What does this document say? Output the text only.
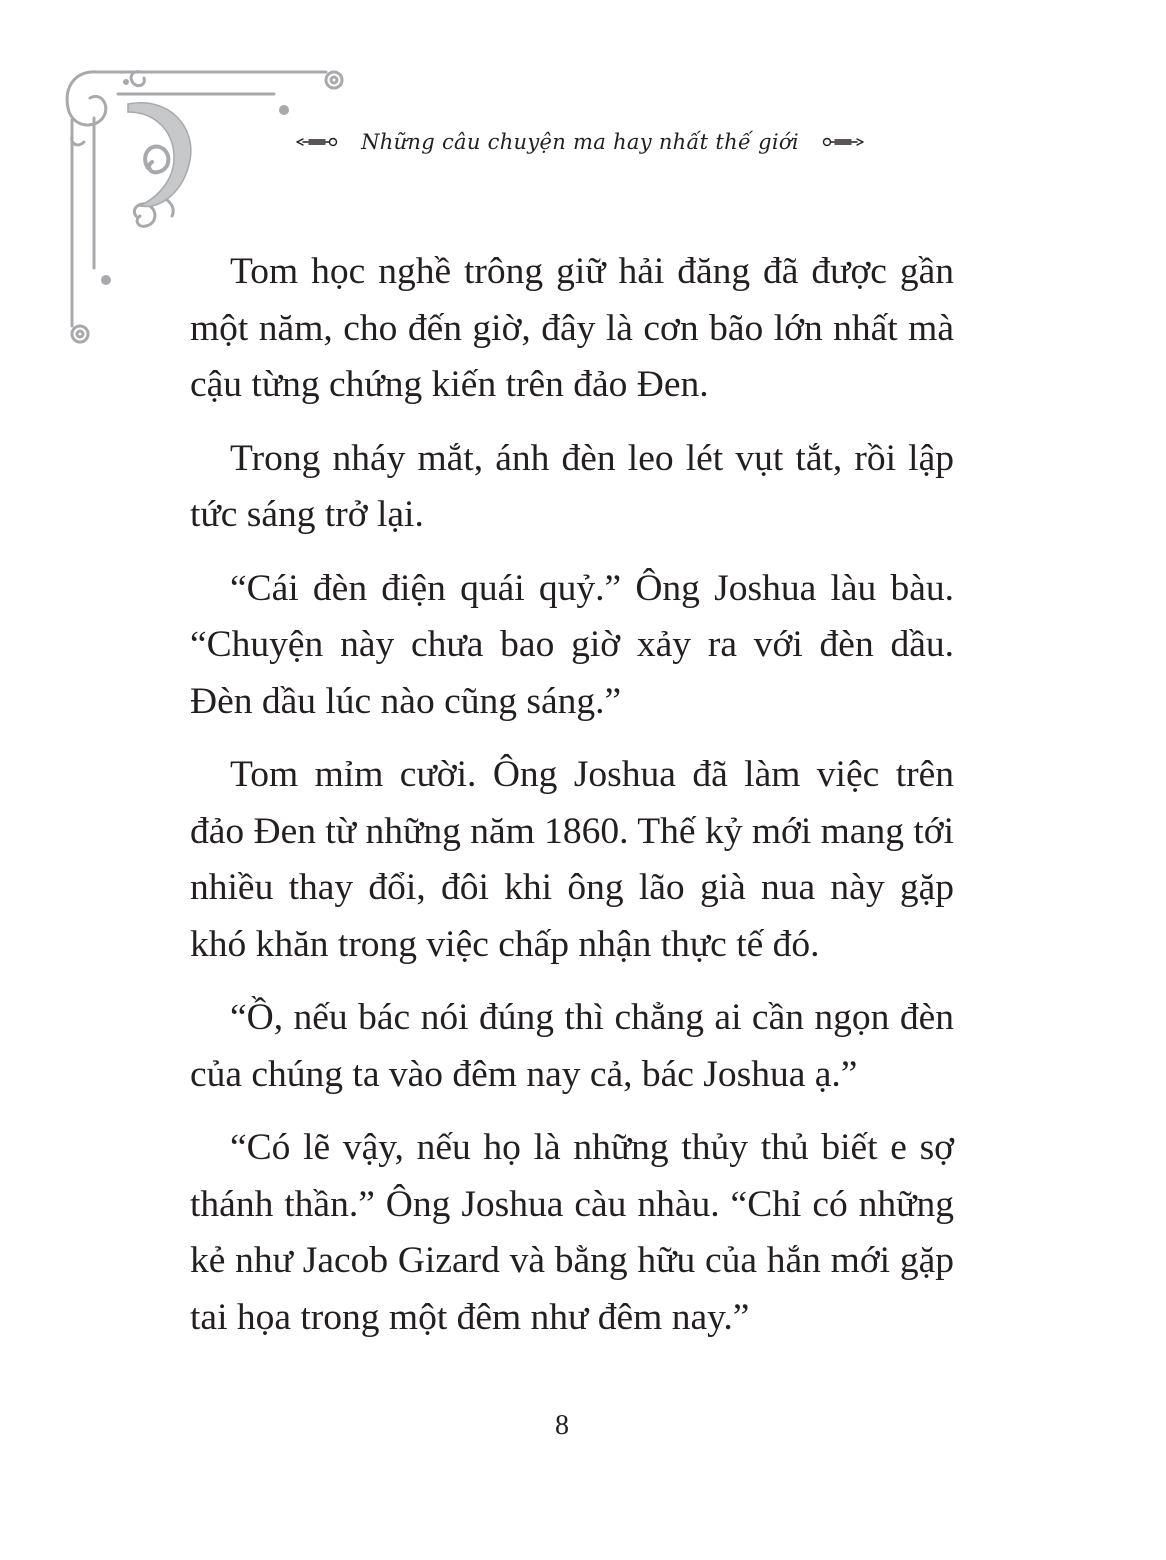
Những câu chuyện ma hay nhất thế giới

Tom học nghề trông giữ hải đăng đã được gần một năm, cho đến giờ, đây là cơn bão lớn nhất mà cậu từng chứng kiến trên đảo Đen.

Trong nháy mắt, ánh đèn leo lét vụt tắt, rồi lập tức sáng trở lại.

“Cái đèn điện quái quỷ.” Ông Joshua làu bàu. “Chuyện này chưa bao giờ xảy ra với đèn dầu. Đèn dầu lúc nào cũng sáng.”

Tom mỉm cười. Ông Joshua đã làm việc trên đảo Đen từ những năm 1860. Thế kỷ mới mang tới nhiều thay đổi, đôi khi ông lão già nua này gặp khó khăn trong việc chấp nhận thực tế đó.

“Ồ, nếu bác nói đúng thì chẳng ai cần ngọn đèn của chúng ta vào đêm nay cả, bác Joshua ạ.”

“Có lẽ vậy, nếu họ là những thủy thủ biết e sợ thánh thần.” Ông Joshua càu nhàu. “Chỉ có những kẻ như Jacob Gizard và bằng hữu của hắn mới gặp tai họa trong một đêm như đêm nay.”

8
